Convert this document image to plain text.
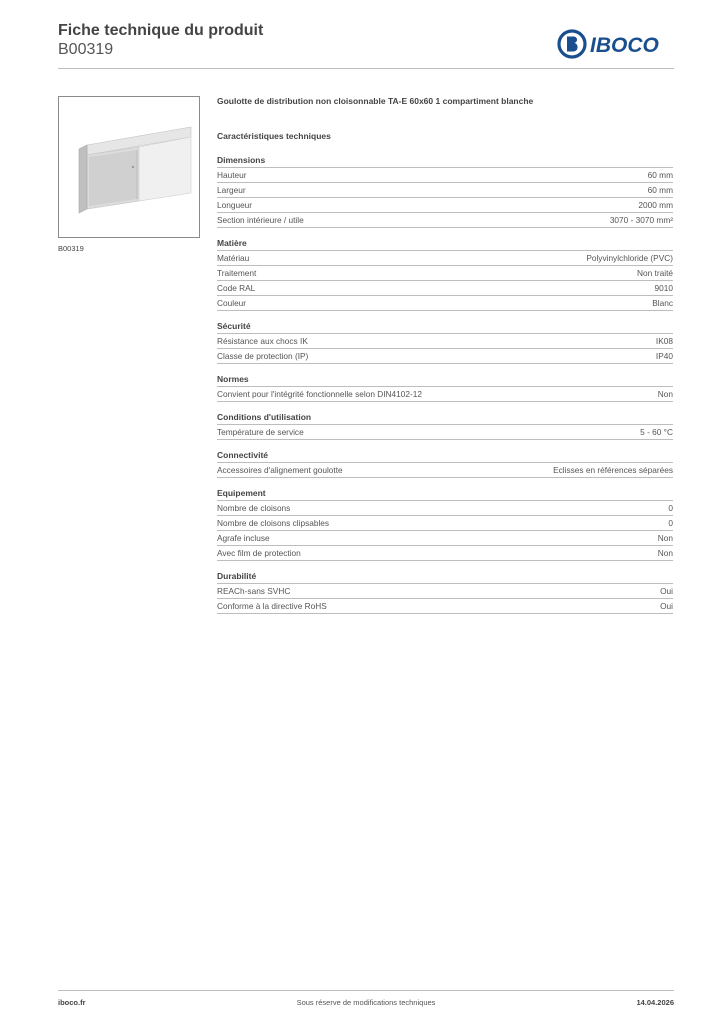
Fiche technique du produit
B00319	IBOCO
B00319
Goulotte de distribution non cloisonnable TA-E 60x60 1 compartiment blanche
Caractéristiques techniques
Dimensions
Hauteur	60 mm
Largeur	60 mm
Longueur	2000 mm
Section intérieure / utile	3070 - 3070 mm²
Matière
Matériau	Polyvinylchloride (PVC)
Traitement	Non traité
Code RAL	9010
Couleur	Blanc
Sécurité
Résistance aux chocs IK	IK08
Classe de protection (IP)	IP40
Normes
Convient pour l'intégrité fonctionnelle selon DIN4102-12	Non
Conditions d'utilisation
Température de service	5 - 60 °C
Connectivité
Accessoires d'alignement goulotte	Eclisses en références séparées
Equipement
Nombre de cloisons	0
Nombre de cloisons clipsables	0
Agrafe incluse	Non
Avec film de protection	Non
Durabilité
REACh-sans SVHC	Oui
Conforme à la directive RoHS	Oui
iboco.fr	Sous réserve de modifications techniques	14.04.2026
